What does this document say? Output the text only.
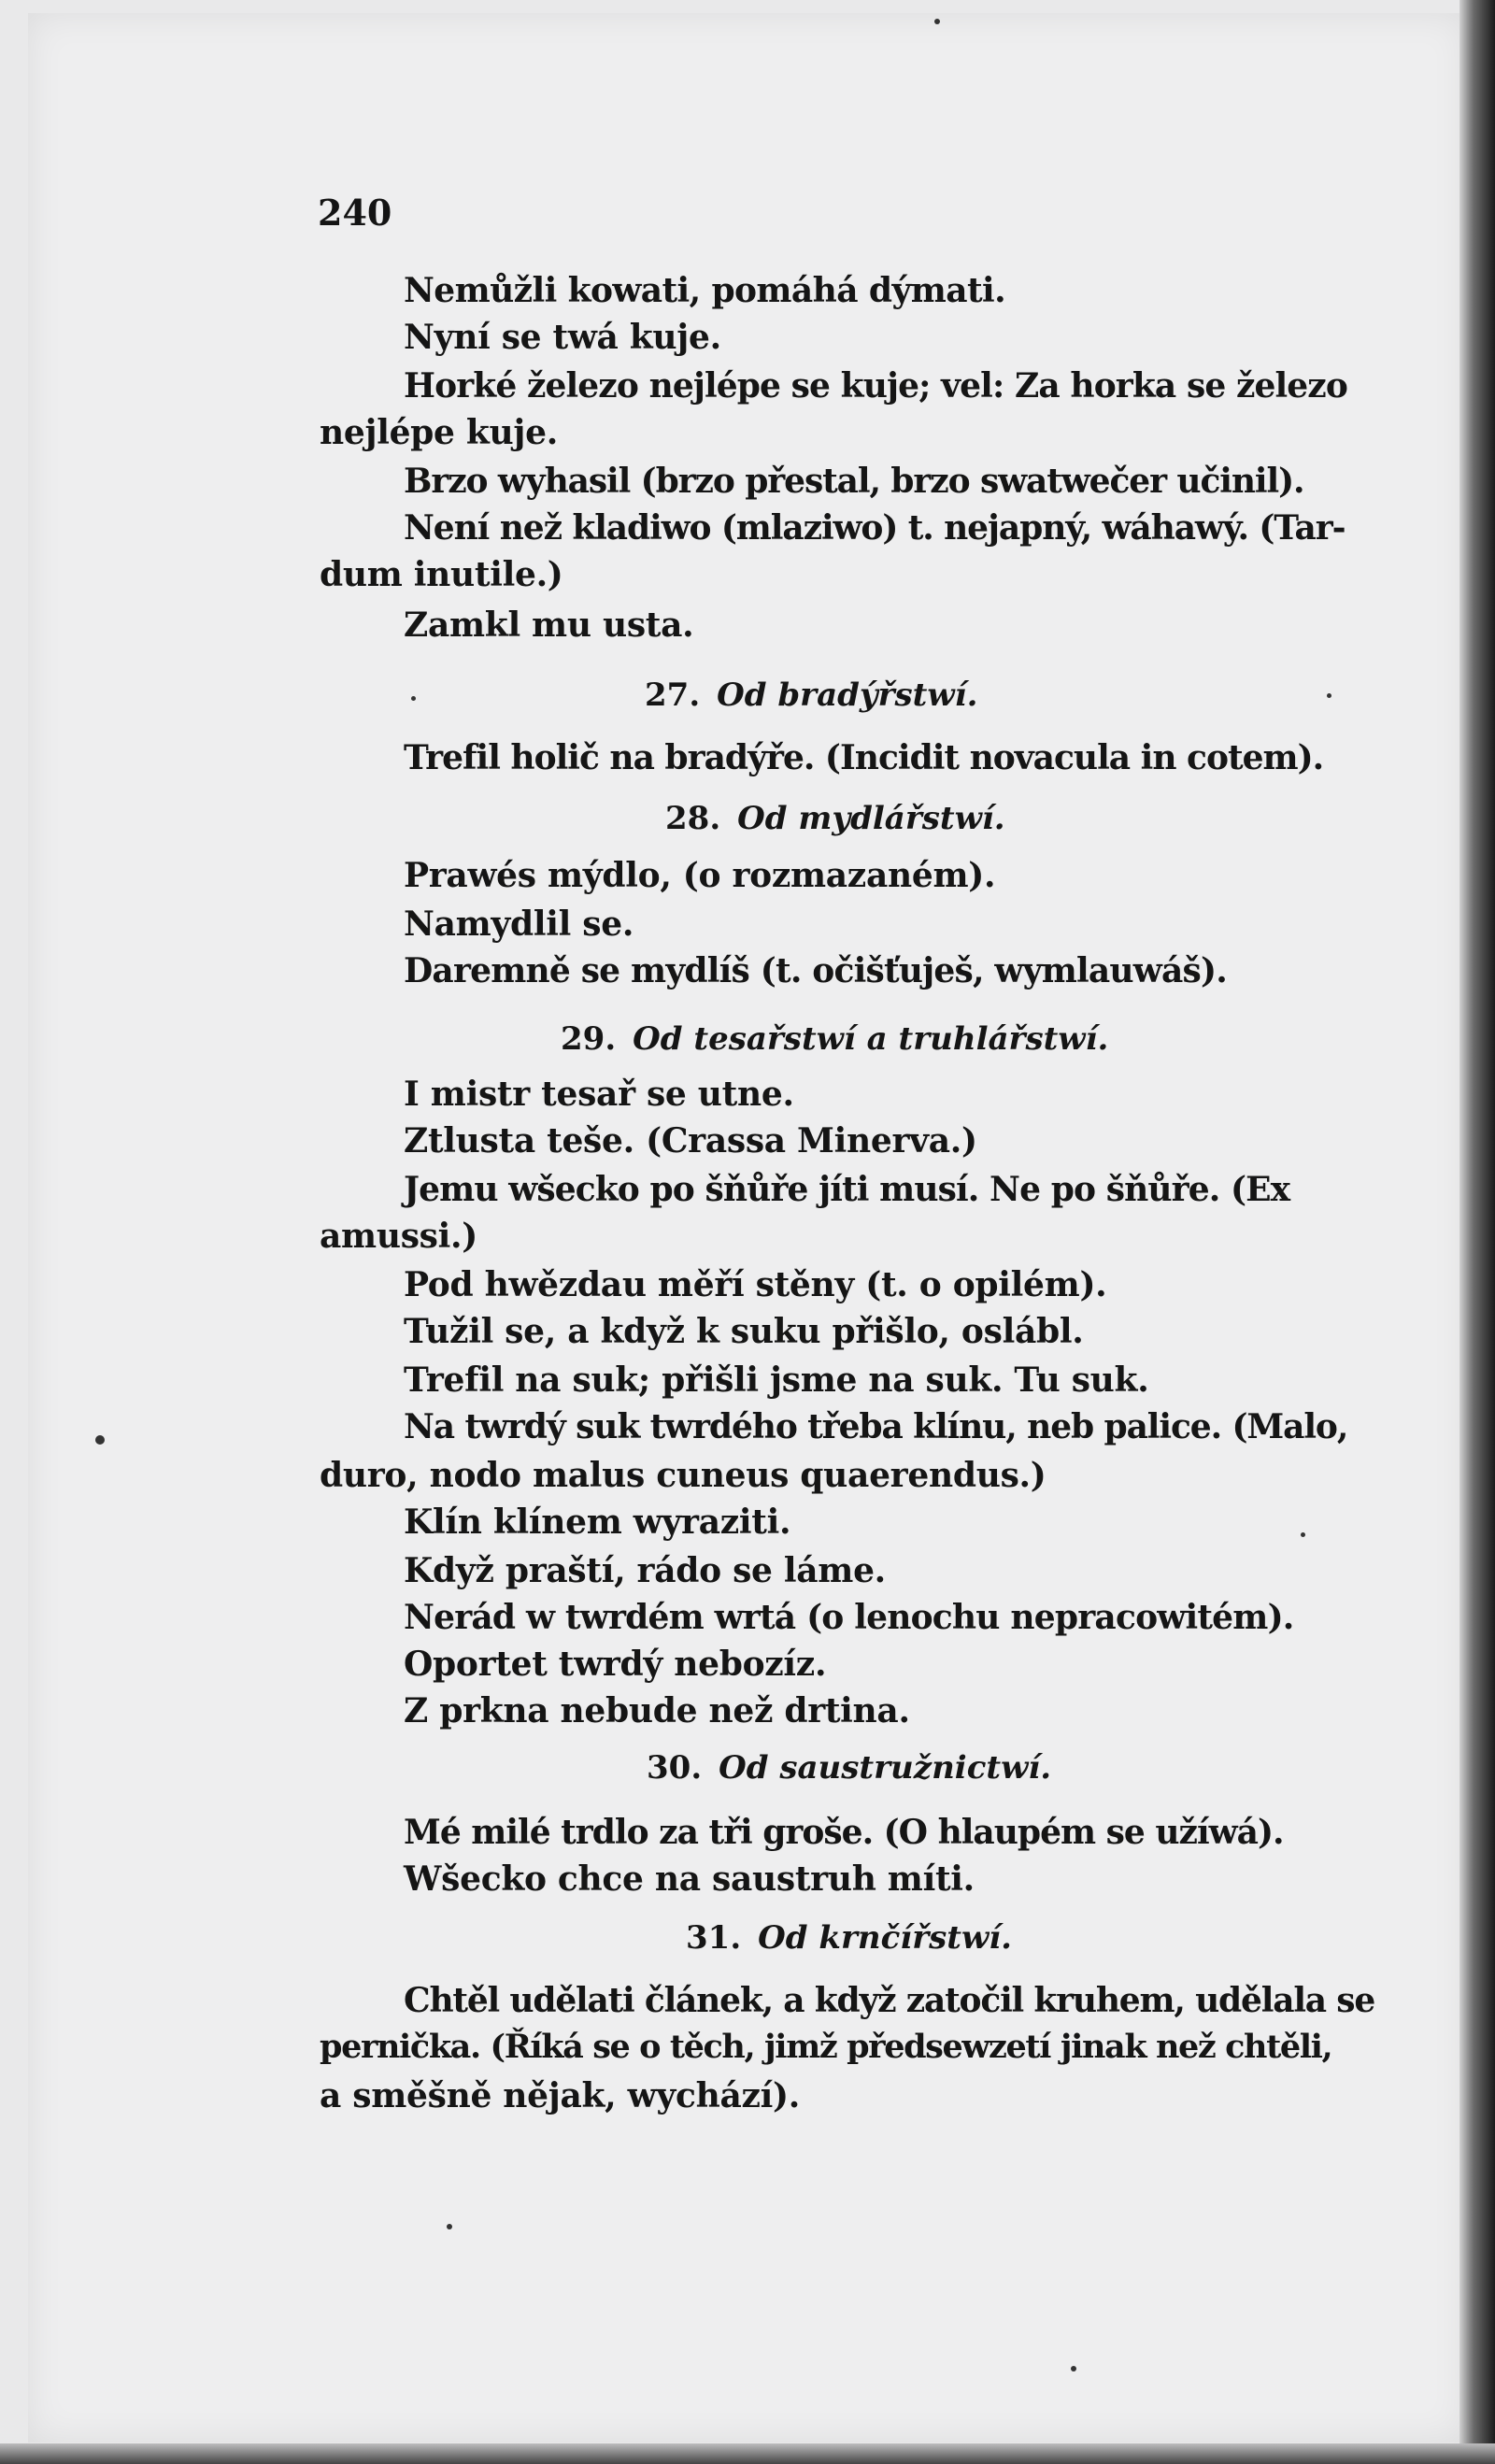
240
Nemůžli kowati, pomáhá dýmati.
Nyní se twá kuje.
Horké železo nejlépe se kuje; vel: Za horka se železo
nejlépe kuje.
Brzo wyhasil (brzo přestal, brzo swatwečer učinil).
Není než kladiwo (mlaziwo) t. nejapný, wáhawý. (Tar-
dum inutile.)
Zamkl mu usta.
27. Od bradýřstwí.
Trefil holič na bradýře. (Incidit novacula in cotem).
28. Od mydlářstwí.
Prawés mýdlo, (o rozmazaném).
Namydlil se.
Daremně se mydlíš (t. očišťuješ, wymlauwáš).
29. Od tesařstwí a truhlářstwí.
I mistr tesař se utne.
Ztlusta teše. (Crassa Minerva.)
Jemu wšecko po šňůře jíti musí. Ne po šňůře. (Ex
amussi.)
Pod hwězdau měří stěny (t. o opilém).
Tužil se, a když k suku přišlo, oslábl.
Trefil na suk; přišli jsme na suk. Tu suk.
Na twrdý suk twrdého třeba klínu, neb palice. (Malo,
duro, nodo malus cuneus quaerendus.)
Klín klínem wyraziti.
Když praští, rádo se láme.
Nerád w twrdém wrtá (o lenochu nepracowitém).
Oportet twrdý nebozíz.
Z prkna nebude než drtina.
30. Od saustružnictwí.
Mé milé trdlo za tři groše. (O hlaupém se užíwá).
Wšecko chce na saustruh míti.
31. Od krnčířstwí.
Chtěl udělati článek, a když zatočil kruhem, udělala se
pernička. (Říká se o těch, jimž předsewzetí jinak než chtěli,
a směšně nějak, wychází).
